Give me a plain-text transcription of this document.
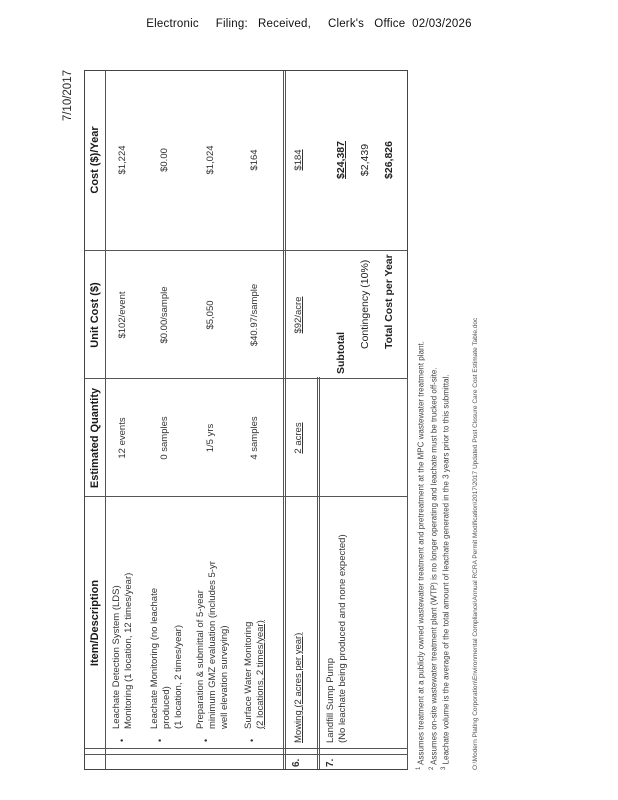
Electronic     Filing:   Received,     Clerk's   Office  02/03/2026
7/10/2017
Item/Description
Estimated Quantity
Unit Cost ($)
Cost ($)/Year
•
Leachate Detection System (LDS) Monitoring (1 location, 12 times/year)
12 events
$102/event
$1,224
•
Leachate Monitoring (no leachate produced) (1 location, 2 times/year)
0 samples
$0.00/sample
$0.00
•
Preparation & submittal of 5-year minimum GMZ evaluation (includes 5-yr well elevation surveying)
1/5 yrs
$5,050
$1,024
•
Surface Water Monitoring (2 locations, 2 times/year)
4 samples
$40.97/sample
$164
6.
Mowing (2 acres per year)
2 acres
$92/acre
$184
7.
Landfill Sump Pump (No leachate being produced and none expected)
Subtotal
$24,387
Contingency (10%)
$2,439
Total Cost per Year
$26,826
$^1$ Assumes treatment at a publicly owned wastewater treatment and pretreatment at the MPC wastewater treatment plant.
$^2$ Assumes on-site wastewater treatment plant (WTP) is no longer operating and leachate must be trucked off-site.
$^3$ Leachate volume is the average of the total amount of leachate generated in the 3 years prior to this submittal.	O:\Modern Plating Corporation\Environmental Compliance\Annual RCRA Permit Modification\2017\2017 Updated Post Closure Care Cost Estimate Table.doc
